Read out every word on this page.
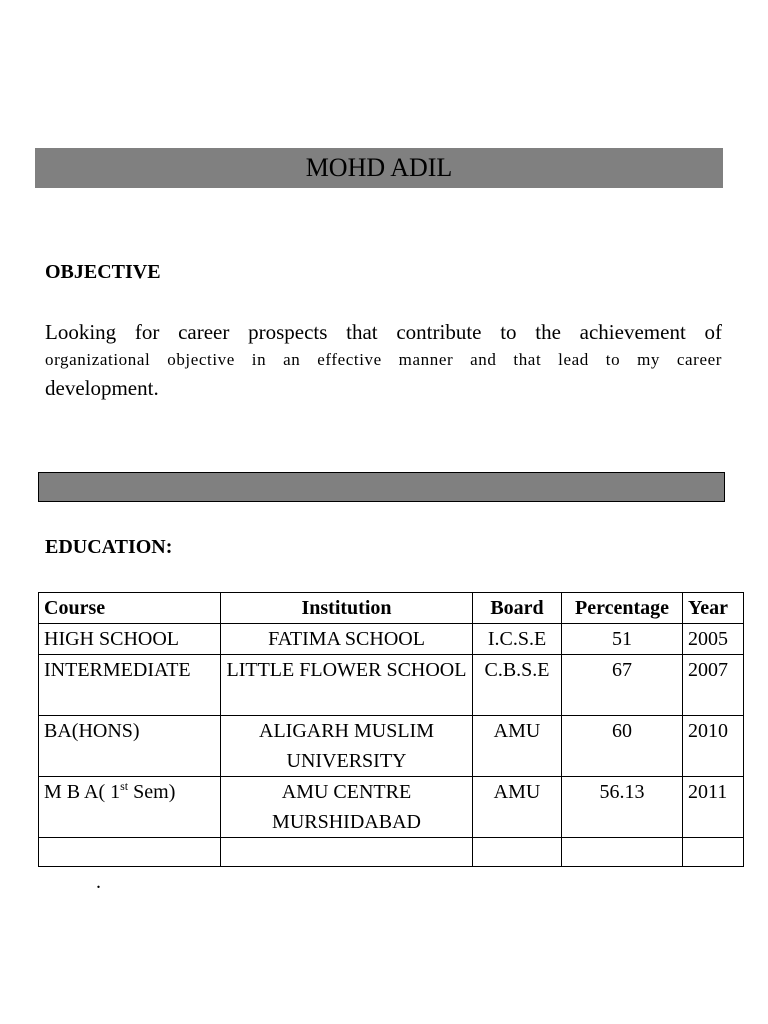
MOHD ADIL
OBJECTIVE
Looking for career prospects that contribute to the achievement of
organizational objective in an effective manner and that lead to my career
development.
EDUCATION:
Course	Institution	Board	Percentage	Year
HIGH SCHOOL	FATIMA SCHOOL	I.C.S.E	51	2005
INTERMEDIATE	LITTLE FLOWER SCHOOL	C.B.S.E	67	2007
BA(HONS)	ALIGARH MUSLIM UNIVERSITY	AMU	60	2010
M B A( 1st Sem)	AMU CENTRE MURSHIDABAD	AMU	56.13	2011

.
